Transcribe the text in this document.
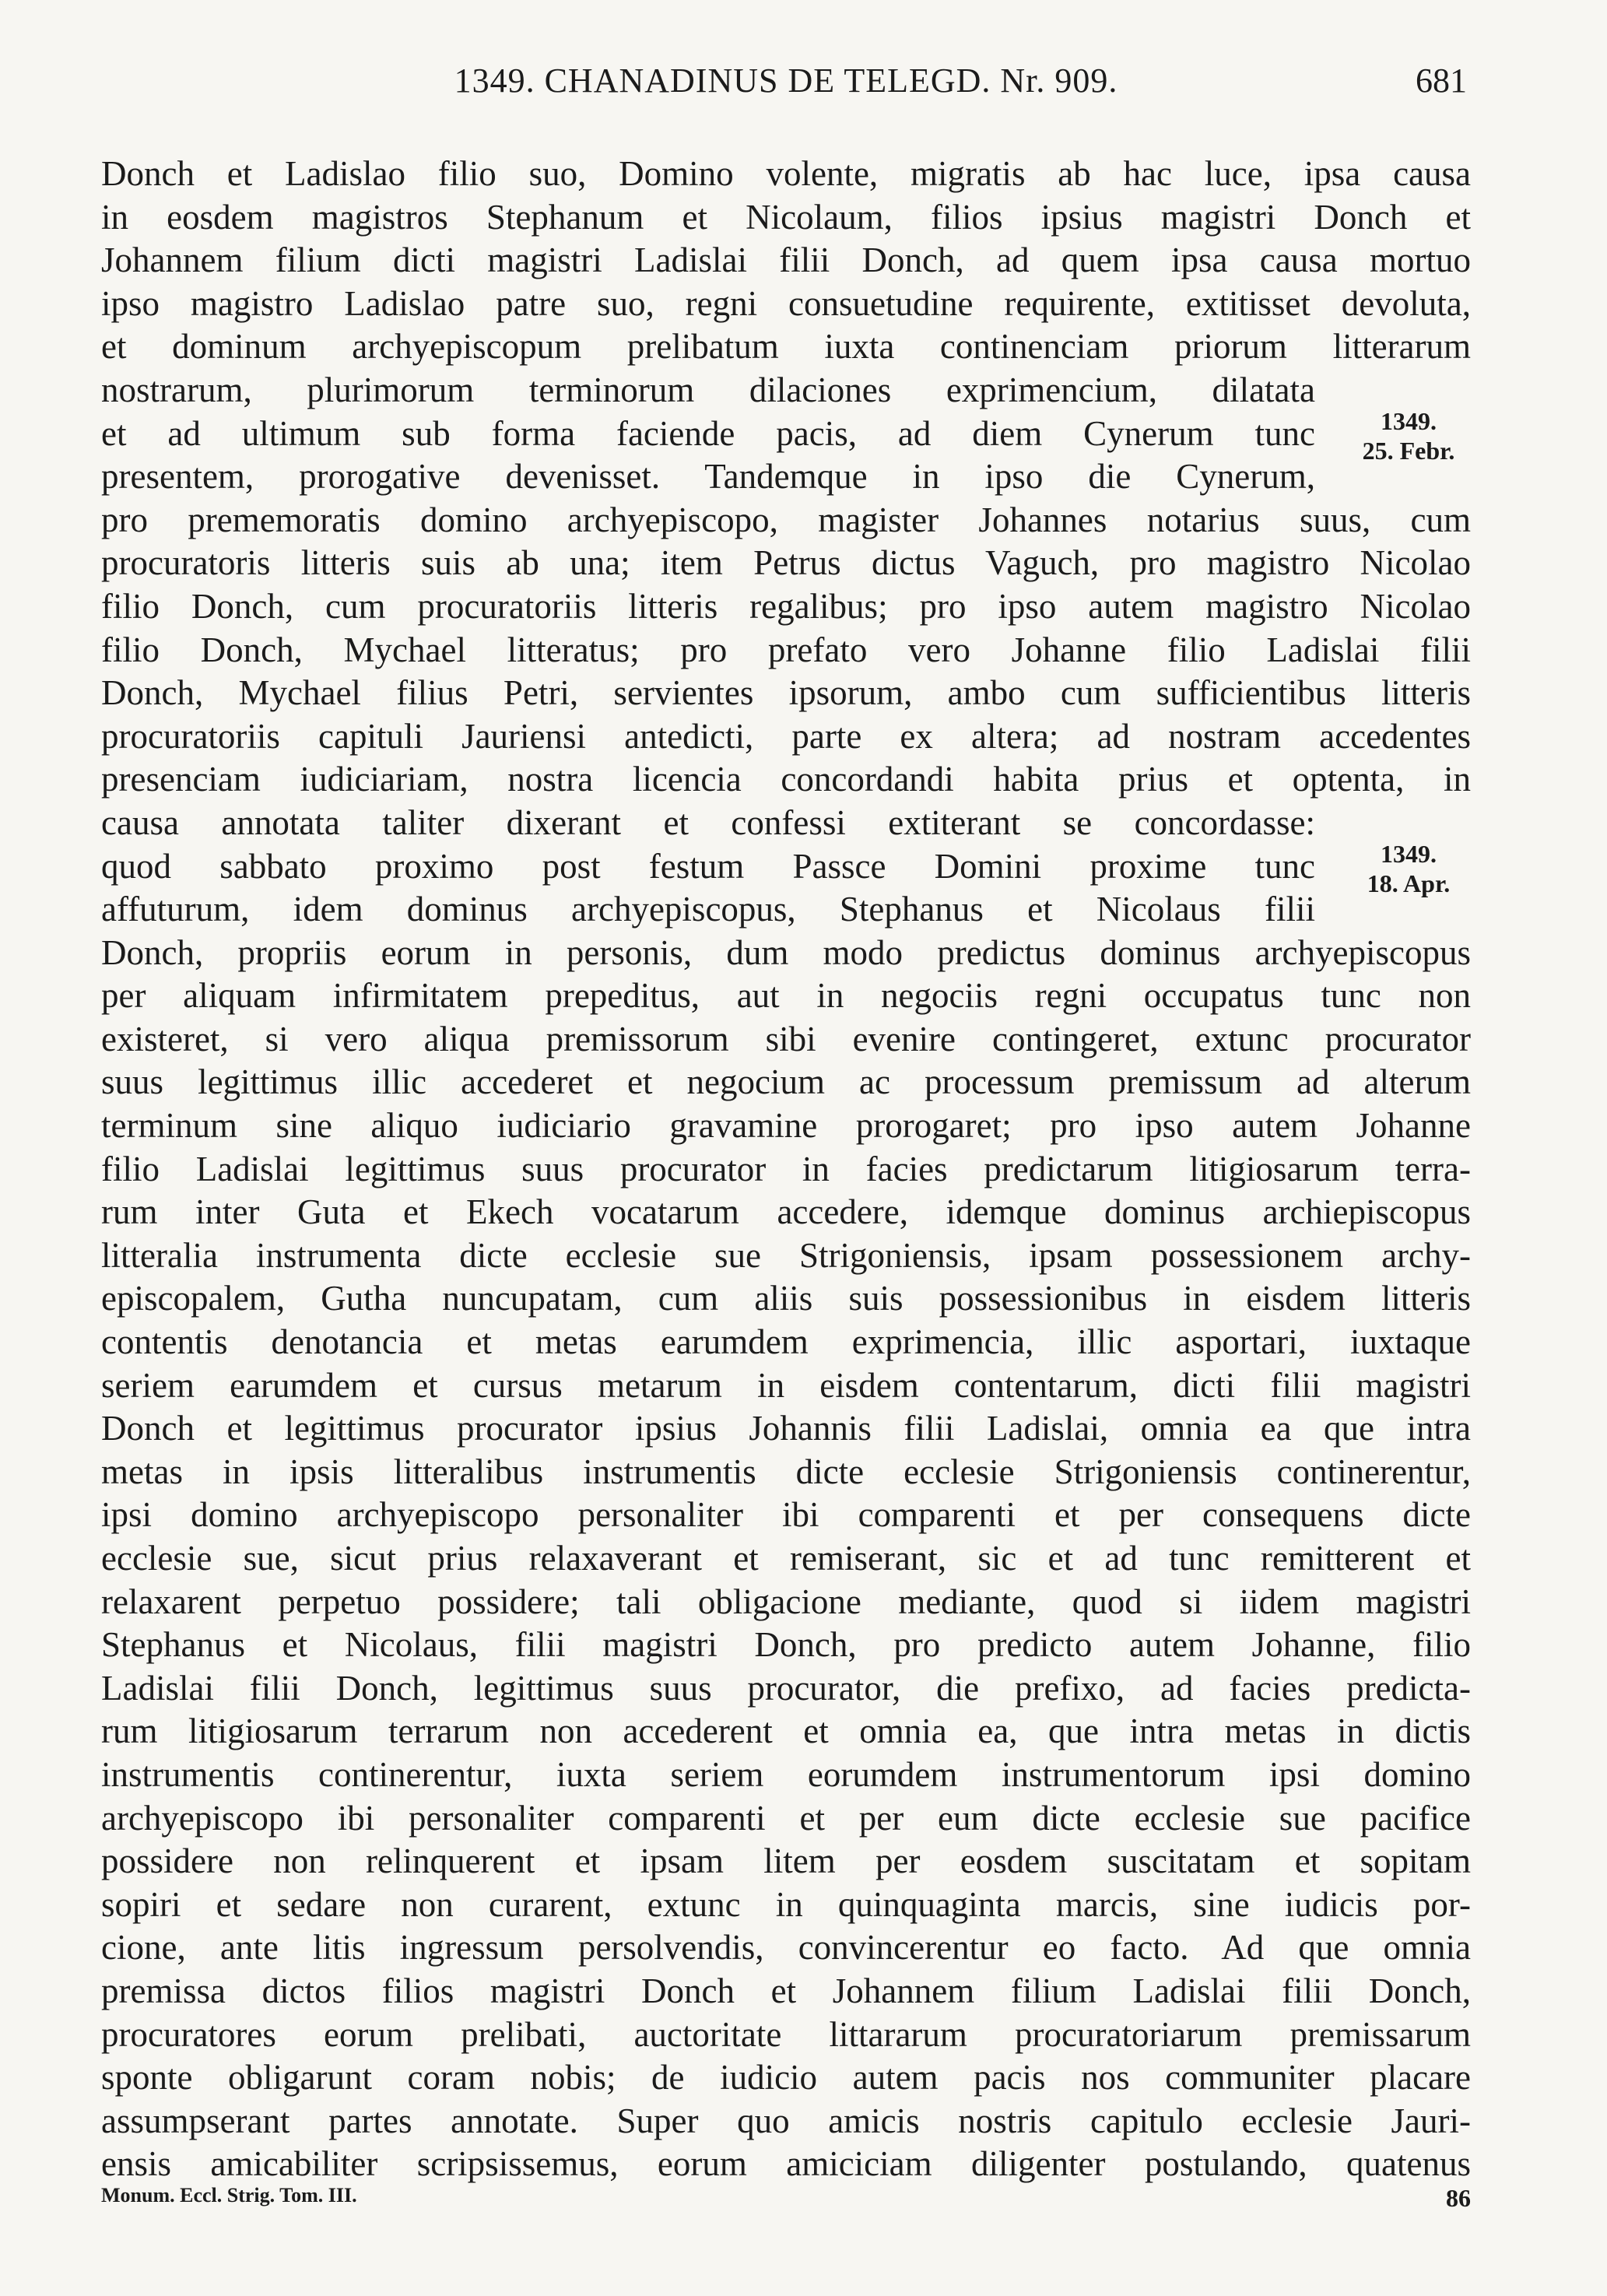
1349. CHANADINUS DE TELEGD. Nr. 909.	681
Donch et Ladislao filio suo, Domino volente, migratis ab hac luce, ipsa causa
in eosdem magistros Stephanum et Nicolaum, filios ipsius magistri Donch et
Johannem filium dicti magistri Ladislai filii Donch, ad quem ipsa causa mortuo
ipso magistro Ladislao patre suo, regni consuetudine requirente, extitisset devoluta,
et dominum archyepiscopum prelibatum iuxta continenciam priorum litterarum
nostrarum, plurimorum terminorum dilaciones exprimencium, dilatata
et ad ultimum sub forma faciende pacis, ad diem Cynerum tunc
presentem, prorogative devenisset. Tandemque in ipso die Cynerum,
pro prememoratis domino archyepiscopo, magister Johannes notarius suus, cum
procuratoris litteris suis ab una; item Petrus dictus Vaguch, pro magistro Nicolao
filio Donch, cum procuratoriis litteris regalibus; pro ipso autem magistro Nicolao
filio Donch, Mychael litteratus; pro prefato vero Johanne filio Ladislai filii
Donch, Mychael filius Petri, servientes ipsorum, ambo cum sufficientibus litteris
procuratoriis capituli Jauriensi antedicti, parte ex altera; ad nostram accedentes
presenciam iudiciariam, nostra licencia concordandi habita prius et optenta, in
causa annotata taliter dixerant et confessi extiterant se concordasse:
quod sabbato proximo post festum Passce Domini proxime tunc
affuturum, idem dominus archyepiscopus, Stephanus et Nicolaus filii
Donch, propriis eorum in personis, dum modo predictus dominus archyepiscopus
per aliquam infirmitatem prepeditus, aut in negociis regni occupatus tunc non
existeret, si vero aliqua premissorum sibi evenire contingeret, extunc procurator
suus legittimus illic accederet et negocium ac processum premissum ad alterum
terminum sine aliquo iudiciario gravamine prorogaret; pro ipso autem Johanne
filio Ladislai legittimus suus procurator in facies predictarum litigiosarum terra-
rum inter Guta et Ekech vocatarum accedere, idemque dominus archiepiscopus
litteralia instrumenta dicte ecclesie sue Strigoniensis, ipsam possessionem archy-
episcopalem, Gutha nuncupatam, cum aliis suis possessionibus in eisdem litteris
contentis denotancia et metas earumdem exprimencia, illic asportari, iuxtaque
seriem earumdem et cursus metarum in eisdem contentarum, dicti filii magistri
Donch et legittimus procurator ipsius Johannis filii Ladislai, omnia ea que intra
metas in ipsis litteralibus instrumentis dicte ecclesie Strigoniensis continerentur,
ipsi domino archyepiscopo personaliter ibi comparenti et per consequens dicte
ecclesie sue, sicut prius relaxaverant et remiserant, sic et ad tunc remitterent et
relaxarent perpetuo possidere; tali obligacione mediante, quod si iidem magistri
Stephanus et Nicolaus, filii magistri Donch, pro predicto autem Johanne, filio
Ladislai filii Donch, legittimus suus procurator, die prefixo, ad facies predicta-
rum litigiosarum terrarum non accederent et omnia ea, que intra metas in dictis
instrumentis continerentur, iuxta seriem eorumdem instrumentorum ipsi domino
archyepiscopo ibi personaliter comparenti et per eum dicte ecclesie sue pacifice
possidere non relinquerent et ipsam litem per eosdem suscitatam et sopitam
sopiri et sedare non curarent, extunc in quinquaginta marcis, sine iudicis por-
cione, ante litis ingressum persolvendis, convincerentur eo facto. Ad que omnia
premissa dictos filios magistri Donch et Johannem filium Ladislai filii Donch,
procuratores eorum prelibati, auctoritate littararum procuratoriarum premissarum
sponte obligarunt coram nobis; de iudicio autem pacis nos communiter placare
assumpserant partes annotate. Super quo amicis nostris capitulo ecclesie Jauri-
ensis amicabiliter scripsissemus, eorum amiciciam diligenter postulando, quatenus
1349.
25. Febr.
1349.
18. Apr.
Monum. Eccl. Strig. Tom. III.	86
